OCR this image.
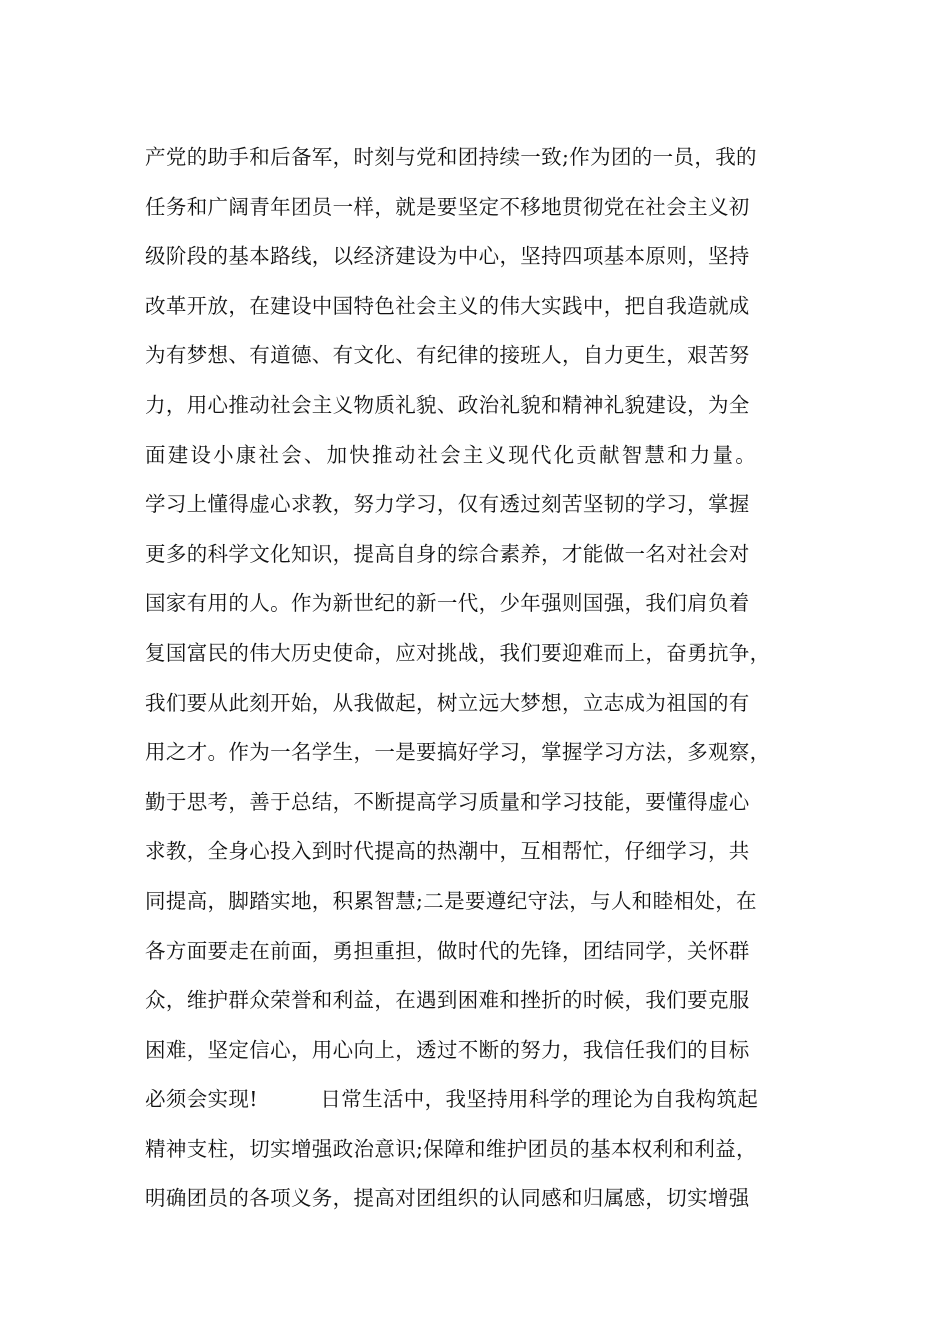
产党的助手和后备军，时刻与党和团持续一致;作为团的一员，我的
任务和广阔青年团员一样，就是要坚定不移地贯彻党在社会主义初
级阶段的基本路线，以经济建设为中心，坚持四项基本原则，坚持
改革开放，在建设中国特色社会主义的伟大实践中，把自我造就成
为有梦想、有道德、有文化、有纪律的接班人，自力更生，艰苦努
力，用心推动社会主义物质礼貌、政治礼貌和精神礼貌建设，为全
面建设小康社会、加快推动社会主义现代化贡献智慧和力量。
学习上懂得虚心求教，努力学习，仅有透过刻苦坚韧的学习，掌握
更多的科学文化知识，提高自身的综合素养，才能做一名对社会对
国家有用的人。作为新世纪的新一代，少年强则国强，我们肩负着
复国富民的伟大历史使命，应对挑战，我们要迎难而上，奋勇抗争，
我们要从此刻开始，从我做起，树立远大梦想，立志成为祖国的有
用之才。作为一名学生，一是要搞好学习，掌握学习方法，多观察，
勤于思考，善于总结，不断提高学习质量和学习技能，要懂得虚心
求教，全身心投入到时代提高的热潮中，互相帮忙，仔细学习，共
同提高，脚踏实地，积累智慧;二是要遵纪守法，与人和睦相处，在
各方面要走在前面，勇担重担，做时代的先锋，团结同学，关怀群
众，维护群众荣誉和利益，在遇到困难和挫折的时候，我们要克服
困难，坚定信心，用心向上，透过不断的努力，我信任我们的目标
必须会实现!　　　日常生活中，我坚持用科学的理论为自我构筑起
精神支柱，切实增强政治意识;保障和维护团员的基本权利和利益，
明确团员的各项义务，提高对团组织的认同感和归属感，切实增强
